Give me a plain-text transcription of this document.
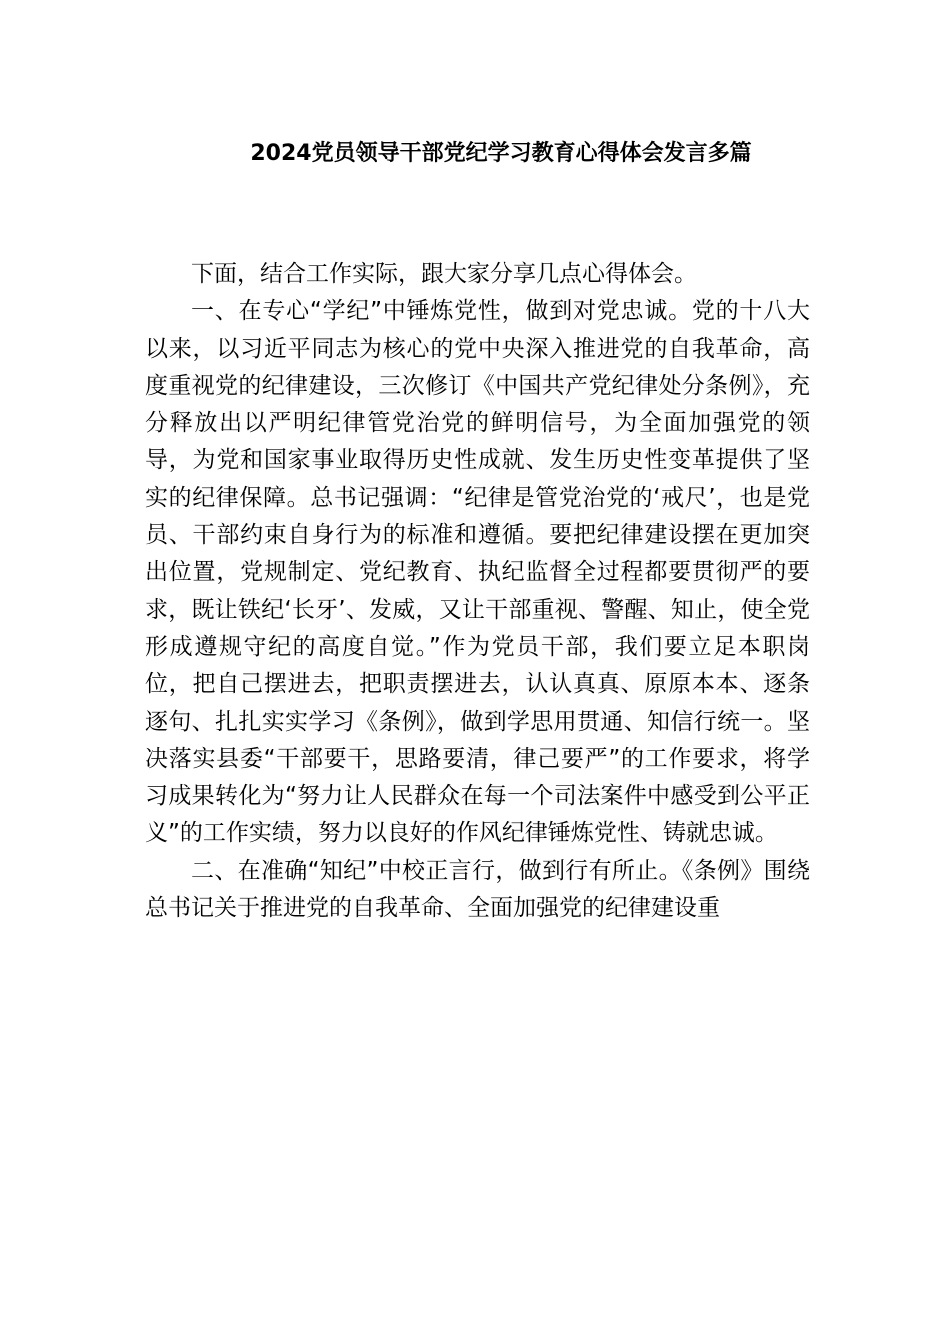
2024党员领导干部党纪学习教育心得体会发言多篇

下面，结合工作实际，跟大家分享几点心得体会。

一、在专心“学纪”中锤炼党性，做到对党忠诚。党的十八大以来，以习近平同志为核心的党中央深入推进党的自我革命，高度重视党的纪律建设，三次修订《中国共产党纪律处分条例》，充分释放出以严明纪律管党治党的鲜明信号，为全面加强党的领导，为党和国家事业取得历史性成就、发生历史性变革提供了坚实的纪律保障。总书记强调：“纪律是管党治党的‘戒尺’，也是党员、干部约束自身行为的标准和遵循。要把纪律建设摆在更加突出位置，党规制定、党纪教育、执纪监督全过程都要贯彻严的要求，既让铁纪‘长牙’、发威，又让干部重视、警醒、知止，使全党形成遵规守纪的高度自觉。”作为党员干部，我们要立足本职岗位，把自己摆进去，把职责摆进去，认认真真、原原本本、逐条逐句、扎扎实实学习《条例》，做到学思用贯通、知信行统一。坚决落实县委“干部要干，思路要清，律己要严”的工作要求，将学习成果转化为“努力让人民群众在每一个司法案件中感受到公平正义”的工作实绩，努力以良好的作风纪律锤炼党性、铸就忠诚。

二、在准确“知纪”中校正言行，做到行有所止。《条例》围绕总书记关于推进党的自我革命、全面加强党的纪律建设重
